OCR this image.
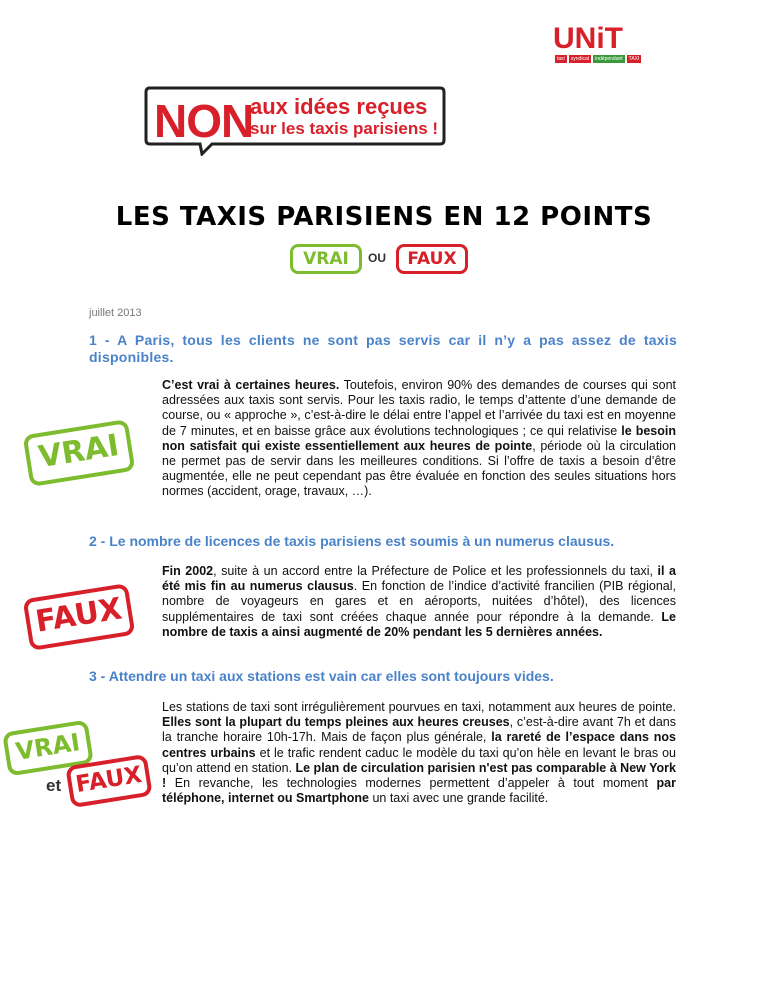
UNiT
taxi	syndicat	indépendant	TAXI
NON
aux idées reçues
sur les taxis parisiens !
LES TAXIS PARISIENS EN 12 POINTS
VRAI	OU	FAUX
juillet 2013
1 - A Paris, tous les clients ne sont pas servis car il n’y a pas assez de taxis disponibles.
VRAI

C’est vrai à certaines heures. Toutefois, environ 90% des demandes de courses qui sont adressées aux taxis sont servis. Pour les taxis radio, le temps d’attente d’une demande de course, ou « approche », c’est-à-dire le délai entre l’appel et l’arrivée du taxi est en moyenne de 7 minutes, et en baisse grâce aux évolutions technologiques ; ce qui relativise le besoin non satisfait qui existe essentiellement aux heures de pointe, période où la circulation ne permet pas de servir dans les meilleures conditions. Si l’offre de taxis a besoin d’être augmentée, elle ne peut cependant pas être évaluée en fonction des seules situations hors normes (accident, orage, travaux, …).

2 - Le nombre de licences de taxis parisiens est soumis à un numerus clausus.
FAUX

Fin 2002, suite à un accord entre la Préfecture de Police et les professionnels du taxi, il a été mis fin au numerus clausus. En fonction de l’indice d’activité francilien (PIB régional, nombre de voyageurs en gares et en aéroports, nuitées d’hôtel), des licences supplémentaires de taxi sont créées chaque année pour répondre à la demande. Le nombre de taxis a ainsi augmenté de 20% pendant les 5 dernières années.

3 - Attendre un taxi aux stations est vain car elles sont toujours vides.
VRAI
et FAUX

Les stations de taxi sont irrégulièrement pourvues en taxi, notamment aux heures de pointe. Elles sont la plupart du temps pleines aux heures creuses, c’est-à-dire avant 7h et dans la tranche horaire 10h-17h. Mais de façon plus générale, la rareté de l’espace dans nos centres urbains et le trafic rendent caduc le modèle du taxi qu’on hèle en levant le bras ou qu’on attend en station. Le plan de circulation parisien n'est pas comparable à New York ! En revanche, les technologies modernes permettent d’appeler à tout moment par téléphone, internet ou Smartphone un taxi avec une grande facilité.
